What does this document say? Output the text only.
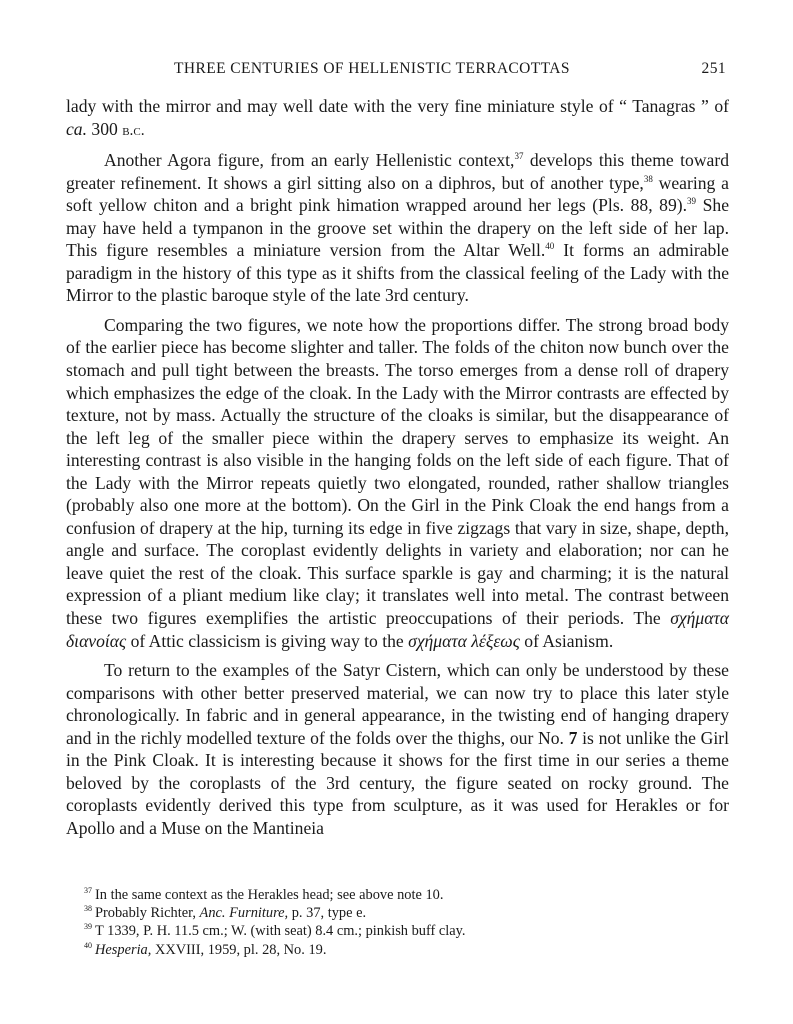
THREE CENTURIES OF HELLENISTIC TERRACOTTAS	251

lady with the mirror and may well date with the very fine miniature style of “ Tanagras ” of ca. 300 b.c.

Another Agora figure, from an early Hellenistic context,$^{37}$ develops this theme toward greater refinement. It shows a girl sitting also on a diphros, but of another type,$^{38}$ wearing a soft yellow chiton and a bright pink himation wrapped around her legs (Pls. 88, 89).$^{39}$ She may have held a tympanon in the groove set within the drapery on the left side of her lap. This figure resembles a miniature version from the Altar Well.$^{40}$ It forms an admirable paradigm in the history of this type as it shifts from the classical feeling of the Lady with the Mirror to the plastic baroque style of the late 3rd century.

Comparing the two figures, we note how the proportions differ. The strong broad body of the earlier piece has become slighter and taller. The folds of the chiton now bunch over the stomach and pull tight between the breasts. The torso emerges from a dense roll of drapery which emphasizes the edge of the cloak. In the Lady with the Mirror contrasts are effected by texture, not by mass. Actually the structure of the cloaks is similar, but the disappearance of the left leg of the smaller piece within the drapery serves to emphasize its weight. An interesting contrast is also visible in the hanging folds on the left side of each figure. That of the Lady with the Mirror repeats quietly two elongated, rounded, rather shallow triangles (probably also one more at the bottom). On the Girl in the Pink Cloak the end hangs from a confusion of drapery at the hip, turning its edge in five zigzags that vary in size, shape, depth, angle and surface. The coroplast evidently delights in variety and elaboration; nor can he leave quiet the rest of the cloak. This surface sparkle is gay and charming; it is the natural expression of a pliant medium like clay; it translates well into metal. The contrast between these two figures exemplifies the artistic preoccupations of their periods. The σχήματα διανοίας of Attic classicism is giving way to the σχήματα λέξεως of Asianism.

To return to the examples of the Satyr Cistern, which can only be understood by these comparisons with other better preserved material, we can now try to place this later style chronologically. In fabric and in general appearance, in the twisting end of hanging drapery and in the richly modelled texture of the folds over the thighs, our No. 7 is not unlike the Girl in the Pink Cloak. It is interesting because it shows for the first time in our series a theme beloved by the coroplasts of the 3rd century, the figure seated on rocky ground. The coroplasts evidently derived this type from sculpture, as it was used for Herakles or for Apollo and a Muse on the Mantineia

$^{37}$ In the same context as the Herakles head; see above note 10.

$^{38}$ Probably Richter, Anc. Furniture, p. 37, type e.

$^{39}$ T 1339, P. H. 11.5 cm.; W. (with seat) 8.4 cm.; pinkish buff clay.

$^{40}$ Hesperia, XXVIII, 1959, pl. 28, No. 19.
